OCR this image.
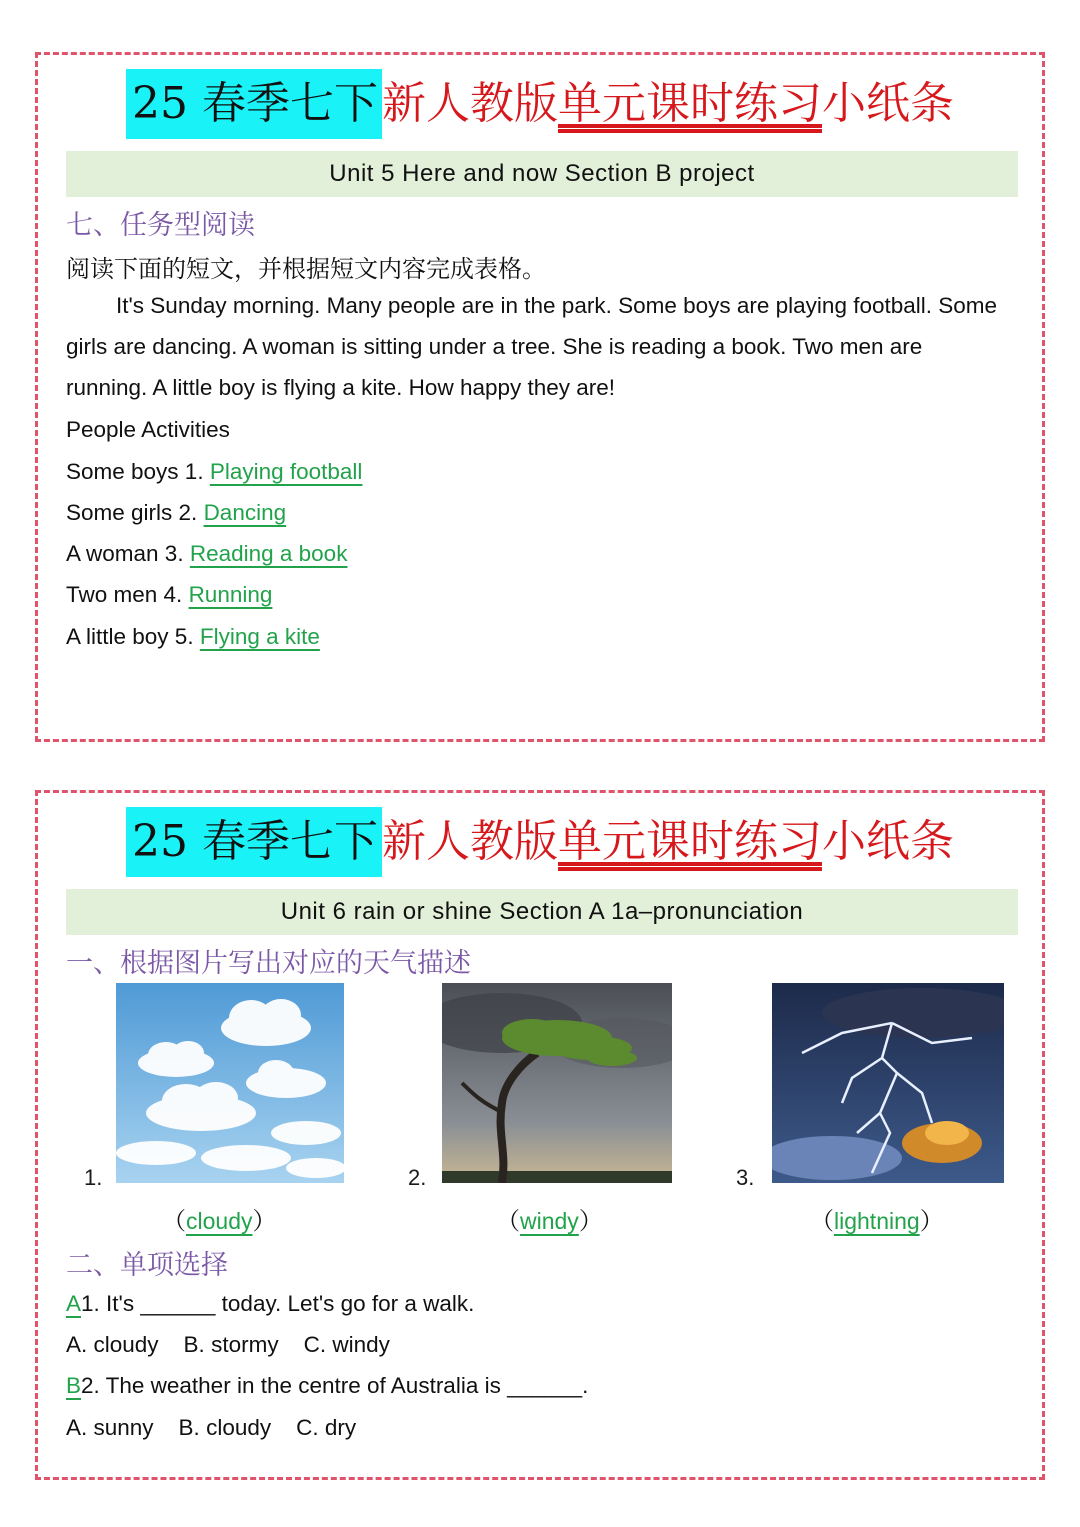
25 春季七下 新人教版单元课时练习小纸条
Unit 5 Here and now Section B project
七、任务型阅读
阅读下面的短文，并根据短文内容完成表格。
It's Sunday morning. Many people are in the park. Some boys are playing football. Some girls are dancing. A woman is sitting under a tree. She is reading a book. Two men are running. A little boy is flying a kite. How happy they are!
People Activities
Some boys 1. Playing football
Some girls 2. Dancing
A woman 3. Reading a book
Two men 4. Running
A little boy 5. Flying a kite
25 春季七下 新人教版单元课时练习小纸条
Unit 6 rain or shine Section A 1a–pronunciation
一、根据图片写出对应的天气描述
1.
（cloudy）
2.
（windy）
3.
（lightning）
二、单项选择
A1. It's ______ today. Let's go for a walk.
A. cloudy    B. stormy    C. windy
B2. The weather in the centre of Australia is ______.
A. sunny    B. cloudy    C. dry
